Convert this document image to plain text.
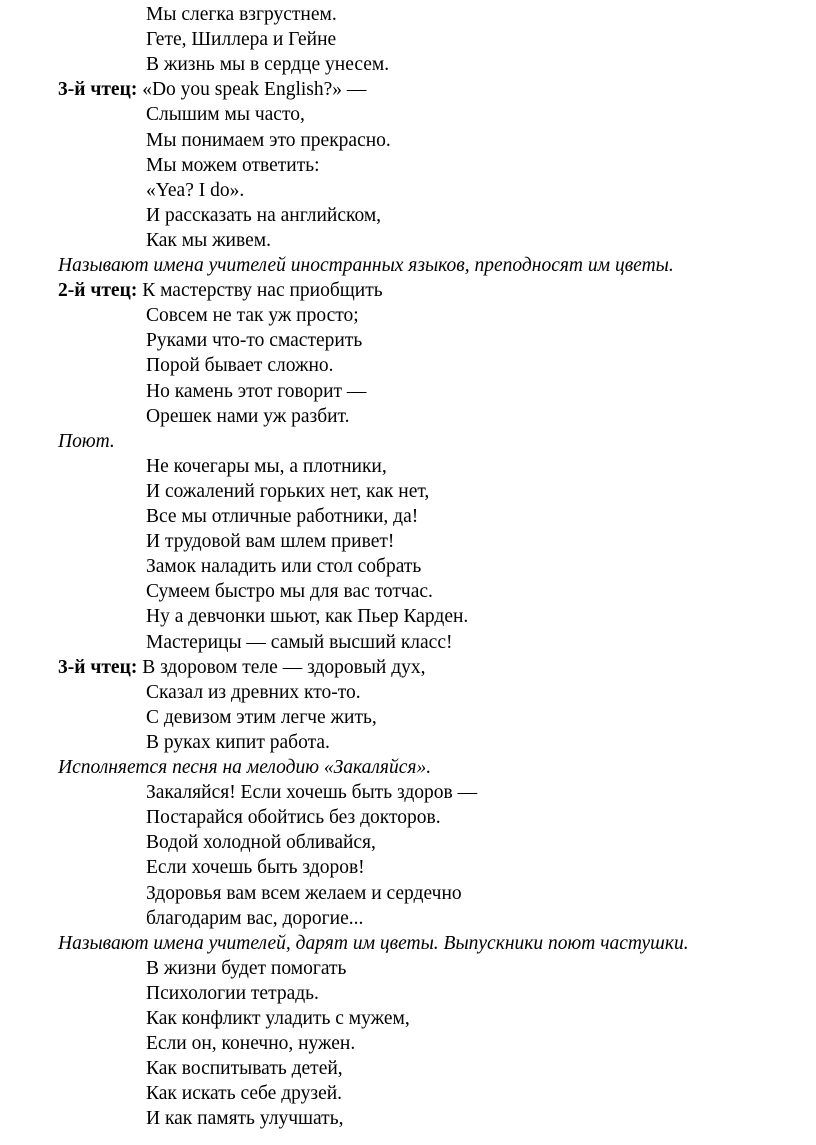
Мы слегка взгрустнем.
Гете, Шиллера и Гейне
В жизнь мы в сердце унесем.
3-й чтец: «Do you speak English?» —
Слышим мы часто,
Мы понимаем это прекрасно.
Мы можем ответить:
«Yea? I do».
И рассказать на английском,
Как мы живем.
Называют имена учителей иностранных языков, преподносят им цветы.
2-й чтец: К мастерству нас приобщить
Совсем не так уж просто;
Руками что-то смастерить
Порой бывает сложно.
Но камень этот говорит —
Орешек нами уж разбит.
Поют.
Не кочегары мы, а плотники,
И сожалений горьких нет, как нет,
Все мы отличные работники, да!
И трудовой вам шлем привет!
Замок наладить или стол собрать
Сумеем быстро мы для вас тотчас.
Ну а девчонки шьют, как Пьер Карден.
Мастерицы — самый высший класс!
3-й чтец: В здоровом теле — здоровый дух,
Сказал из древних кто-то.
С девизом этим легче жить,
В руках кипит работа.
Исполняется песня на мелодию «Закаляйся».
Закаляйся! Если хочешь быть здоров —
Постарайся обойтись без докторов.
Водой холодной обливайся,
Если хочешь быть здоров!
Здоровья вам всем желаем и сердечно
благодарим вас, дорогие...
Называют имена учителей, дарят им цветы. Выпускники поют частушки.
В жизни будет помогать
Психологии тетрадь.
Как конфликт уладить с мужем,
Если он, конечно, нужен.
Как воспитывать детей,
Как искать себе друзей.
И как память улучшать,
